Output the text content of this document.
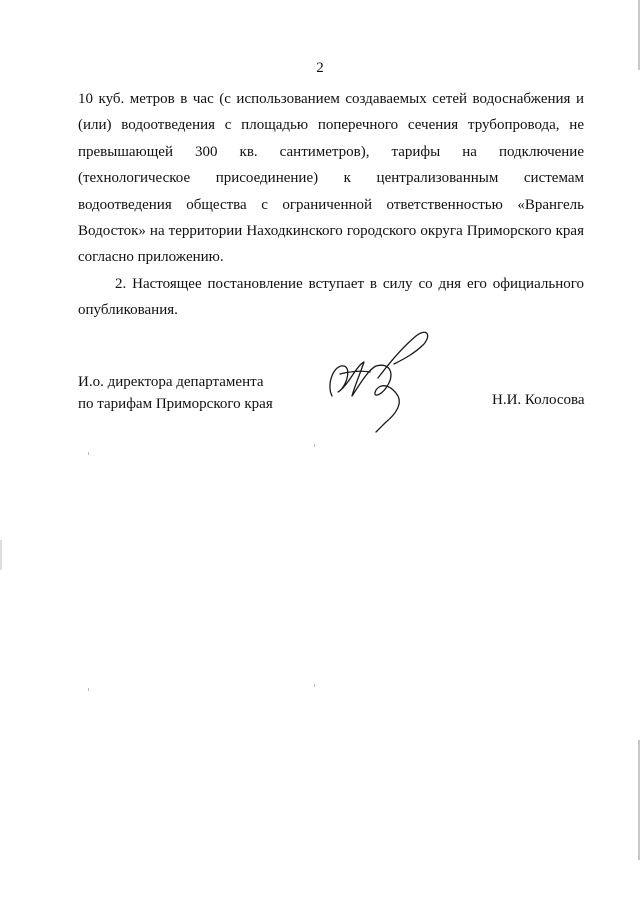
2

10 куб. метров в час (с использованием создаваемых сетей водоснабжения и (или) водоотведения с площадью поперечного сечения трубопровода, не превышающей 300 кв. сантиметров), тарифы на подключение (технологическое присоединение) к централизованным системам водоотведения общества с ограниченной ответственностью «Врангель Водосток» на территории Находкинского городского округа Приморского края согласно приложению.

2. Настоящее постановление вступает в силу со дня его официального опубликования.

И.о. директора департамента
по тарифам Приморского края	Н.И. Колосова
